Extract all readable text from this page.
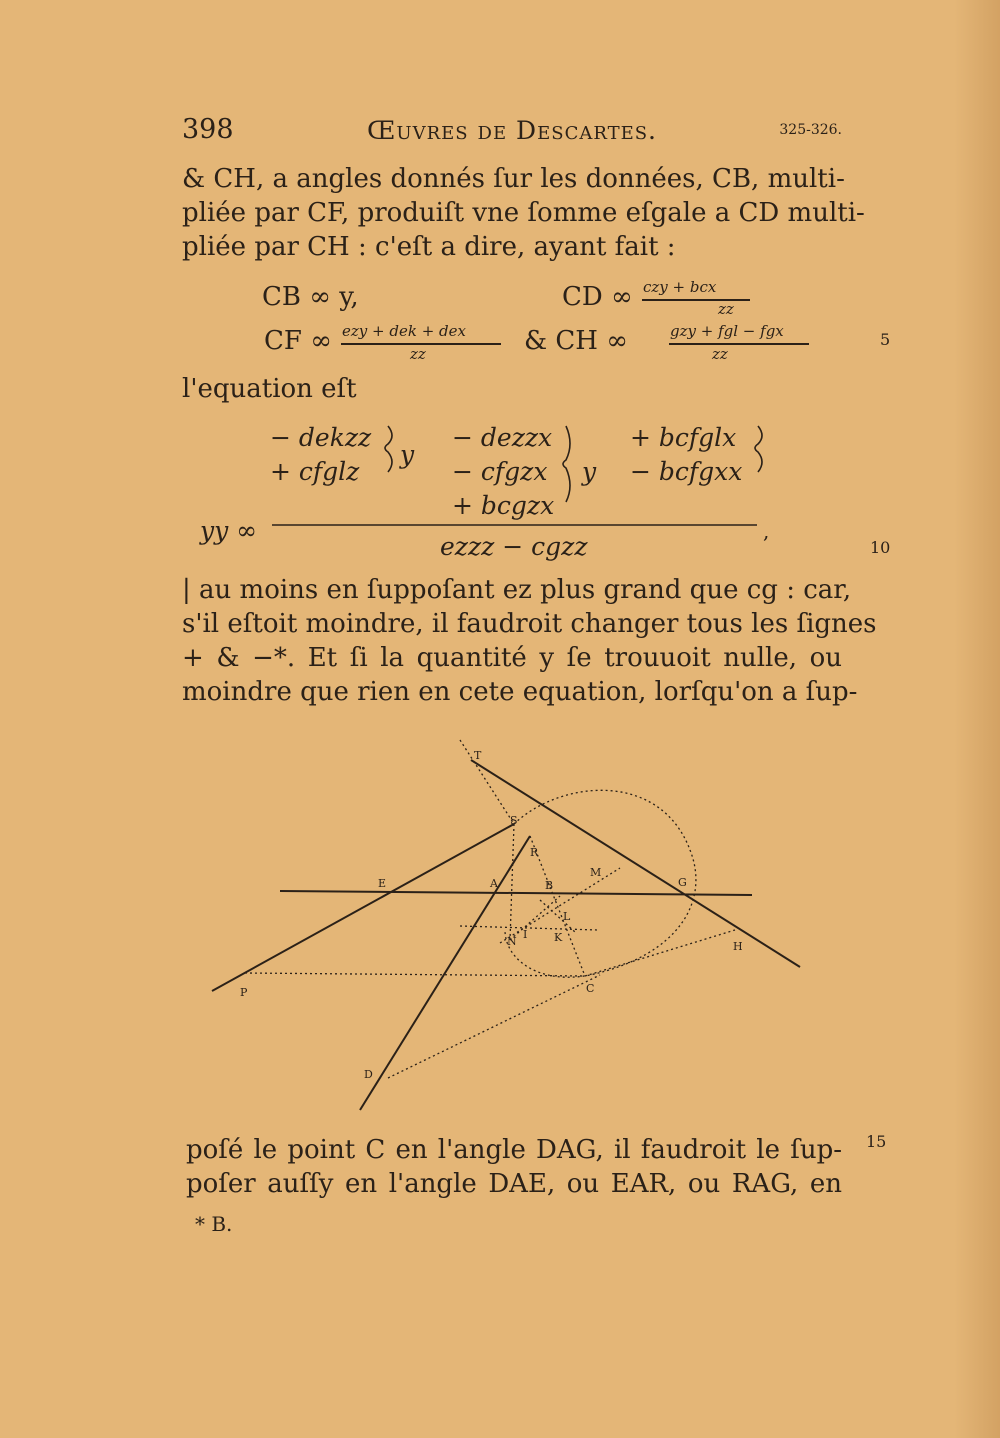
398	Œuvres de Descartes.	325-326.
& CH, a angles donnés ſur les données, CB, multi-
pliée par CF, produiſt vne ſomme eſgale a CD multi-
pliée par CH : c'eſt a dire, ayant fait :
CB ∞ y,	CD ∞ czy + bcx
zz
CF ∞ ezy + dek + dex
zz	& CH ∞	gzy + fgl − fgx
zz
5
l'equation eſt
− dekzz
+ cfglz
y
− dezzx
− cfgzx
+ bcgzx
y
+ bcfglx
− bcfgxx
yy ∞
ezzz − cgzz
,
10
| au moins en ſuppoſant ez plus grand que cg : car,
s'il eſtoit moindre, il faudroit changer tous les ſignes
+ & −*. Et ſi la quantité y ſe trouuoit nulle, ou
moindre que rien en cete equation, lorſqu'on a ſup-
T
S
R
E	A	B
M
G
L
N
I K
H
P	C
D
poſé le point C en l'angle DAG, il faudroit le ſup-
poſer auſſy en l'angle DAE, ou EAR, ou RAG, en
15
* B.
